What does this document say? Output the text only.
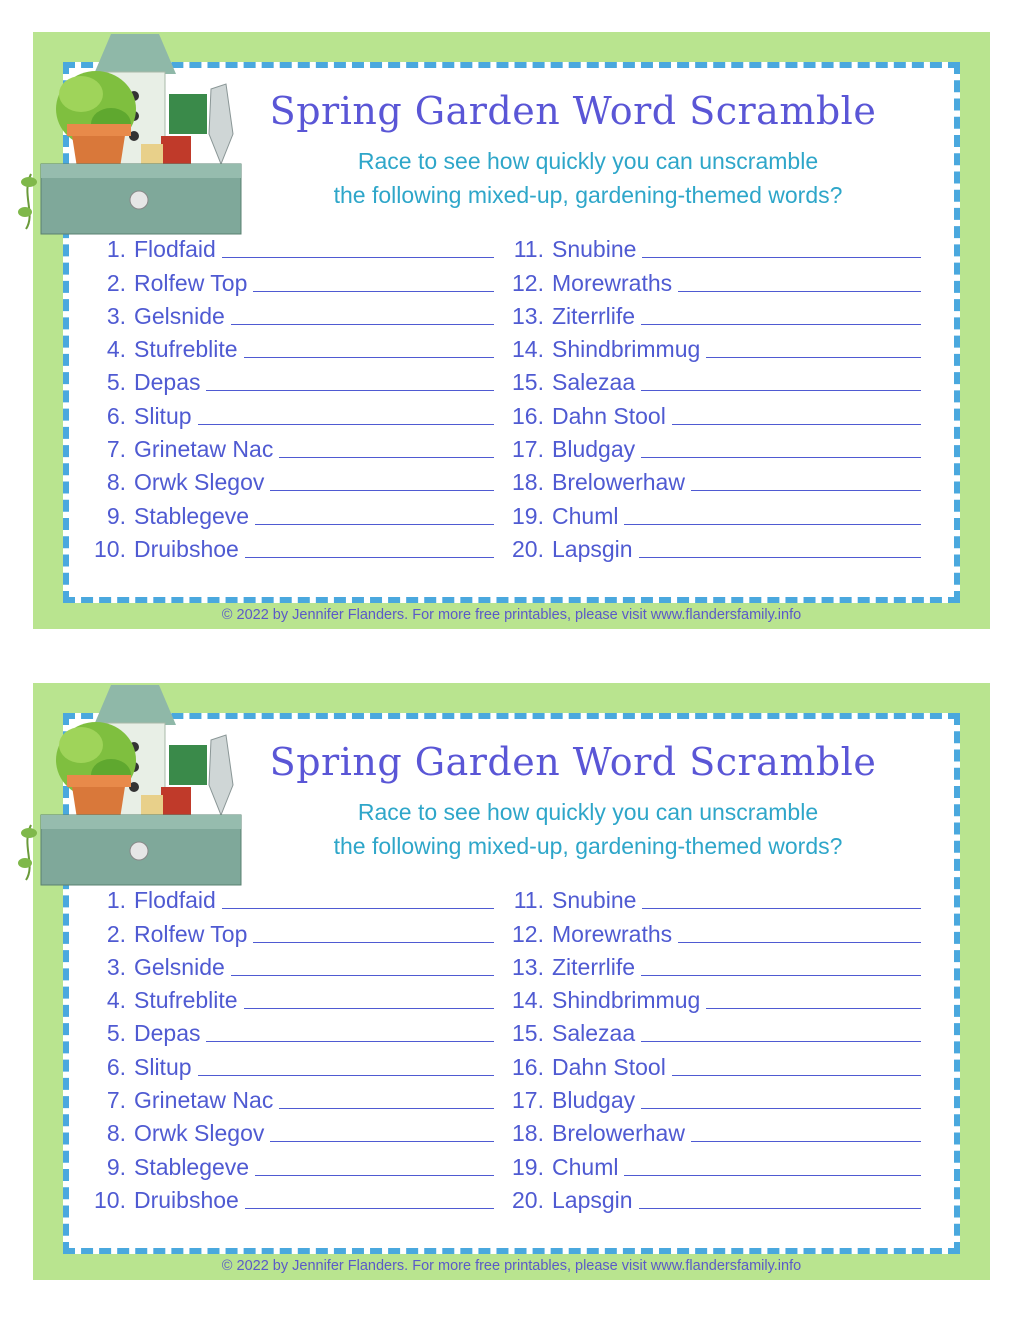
Spring Garden Word Scramble
Race to see how quickly you can unscramble
the following mixed-up, gardening-themed words?
1. Flodfaid
2. Rolfew Top
3. Gelsnide
4. Stufreblite
5. Depas
6. Slitup
7. Grinetaw Nac
8. Orwk Slegov
9. Stablegeve
10. Druibshoe
11. Snubine
12. Morewraths
13. Ziterrlife
14. Shindbrimmug
15. Salezaa
16. Dahn Stool
17. Bludgay
18. Brelowerhaw
19. Chuml
20. Lapsgin
© 2022 by Jennifer Flanders. For more free printables, please visit www.flandersfamily.info
Spring Garden Word Scramble
Race to see how quickly you can unscramble
the following mixed-up, gardening-themed words?
1. Flodfaid
2. Rolfew Top
3. Gelsnide
4. Stufreblite
5. Depas
6. Slitup
7. Grinetaw Nac
8. Orwk Slegov
9. Stablegeve
10. Druibshoe
11. Snubine
12. Morewraths
13. Ziterrlife
14. Shindbrimmug
15. Salezaa
16. Dahn Stool
17. Bludgay
18. Brelowerhaw
19. Chuml
20. Lapsgin
© 2022 by Jennifer Flanders. For more free printables, please visit www.flandersfamily.info
